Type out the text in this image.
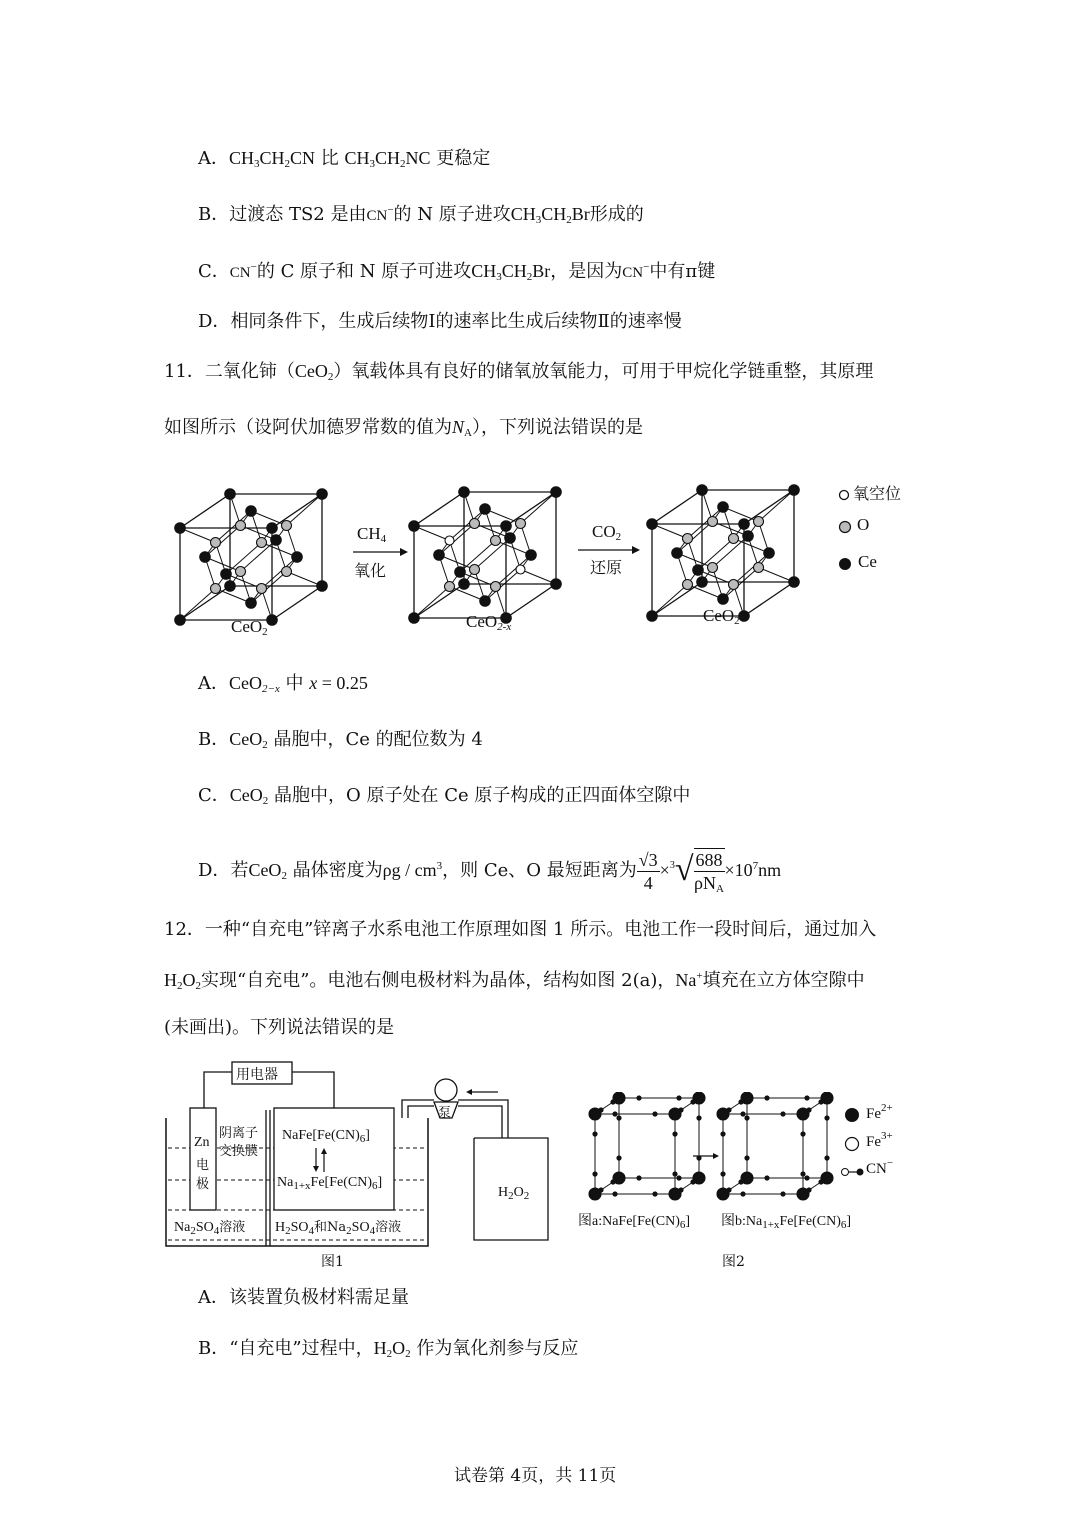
A．$CH_3CH_2CN$ 比 $CH_3CH_2NC$ 更稳定
B．过渡态 TS2 是由CN−的 N 原子进攻$CH_3CH_2Br$形成的
C．CN−的 C 原子和 N 原子可进攻$CH_3CH_2Br$，是因为CN−中有π键
D．相同条件下，生成后续物Ⅰ的速率比生成后续物Ⅱ的速率慢
11．二氧化铈（CeO$_2$）氧载体具有良好的储氧放氧能力，可用于甲烷化学链重整，其原理
如图所示（设阿伏加德罗常数的值为$N_A$），下列说法错误的是
$CH_4$
氧化
$CO_2$
还原
CeO$_2$
CeO$_{2-x}$
CeO$_2$
氧空位
O
Ce
A．CeO$_{2-x}$ 中 x = 0.25
B．CeO$_2$ 晶胞中，Ce 的配位数为 4
C．CeO$_2$ 晶胞中，O 原子处在 Ce 原子构成的正四面体空隙中
D．若CeO$_2$ 晶体密度为ρg / $cm^3$，则 Ce、O 最短距离为 $\frac{√3}{4} \times^3√ \frac{688}{\rho N_A} \times 10^7nm$
12．一种“自充电”锌离子水系电池工作原理如图 1 所示。电池工作一段时间后，通过加入
$H_2O_2$实现“自充电”。电池右侧电极材料为晶体，结构如图 2(a)，Na+填充在立方体空隙中
(未画出)。下列说法错误的是
用电器
Zn
电
极
阴离子
交换膜
$NaFe[Fe(CN)_6]$
$Na_{1+x}Fe[Fe(CN)_6]$
$Na_2SO_4$溶液 $H_2SO_4$和$Na_2SO_4$溶液
泵
$H_2O_2$
图1
$Fe^{2+}$
$Fe^{3+}$
CN−
图$a:NaFe[Fe(CN)_6]$ 图$b:Na_{1+x}Fe[Fe(CN)_6]$
图2
A．该装置负极材料需足量
B．“自充电”过程中，$H_2O_2$ 作为氧化剂参与反应
试卷第 4页，共 11页
